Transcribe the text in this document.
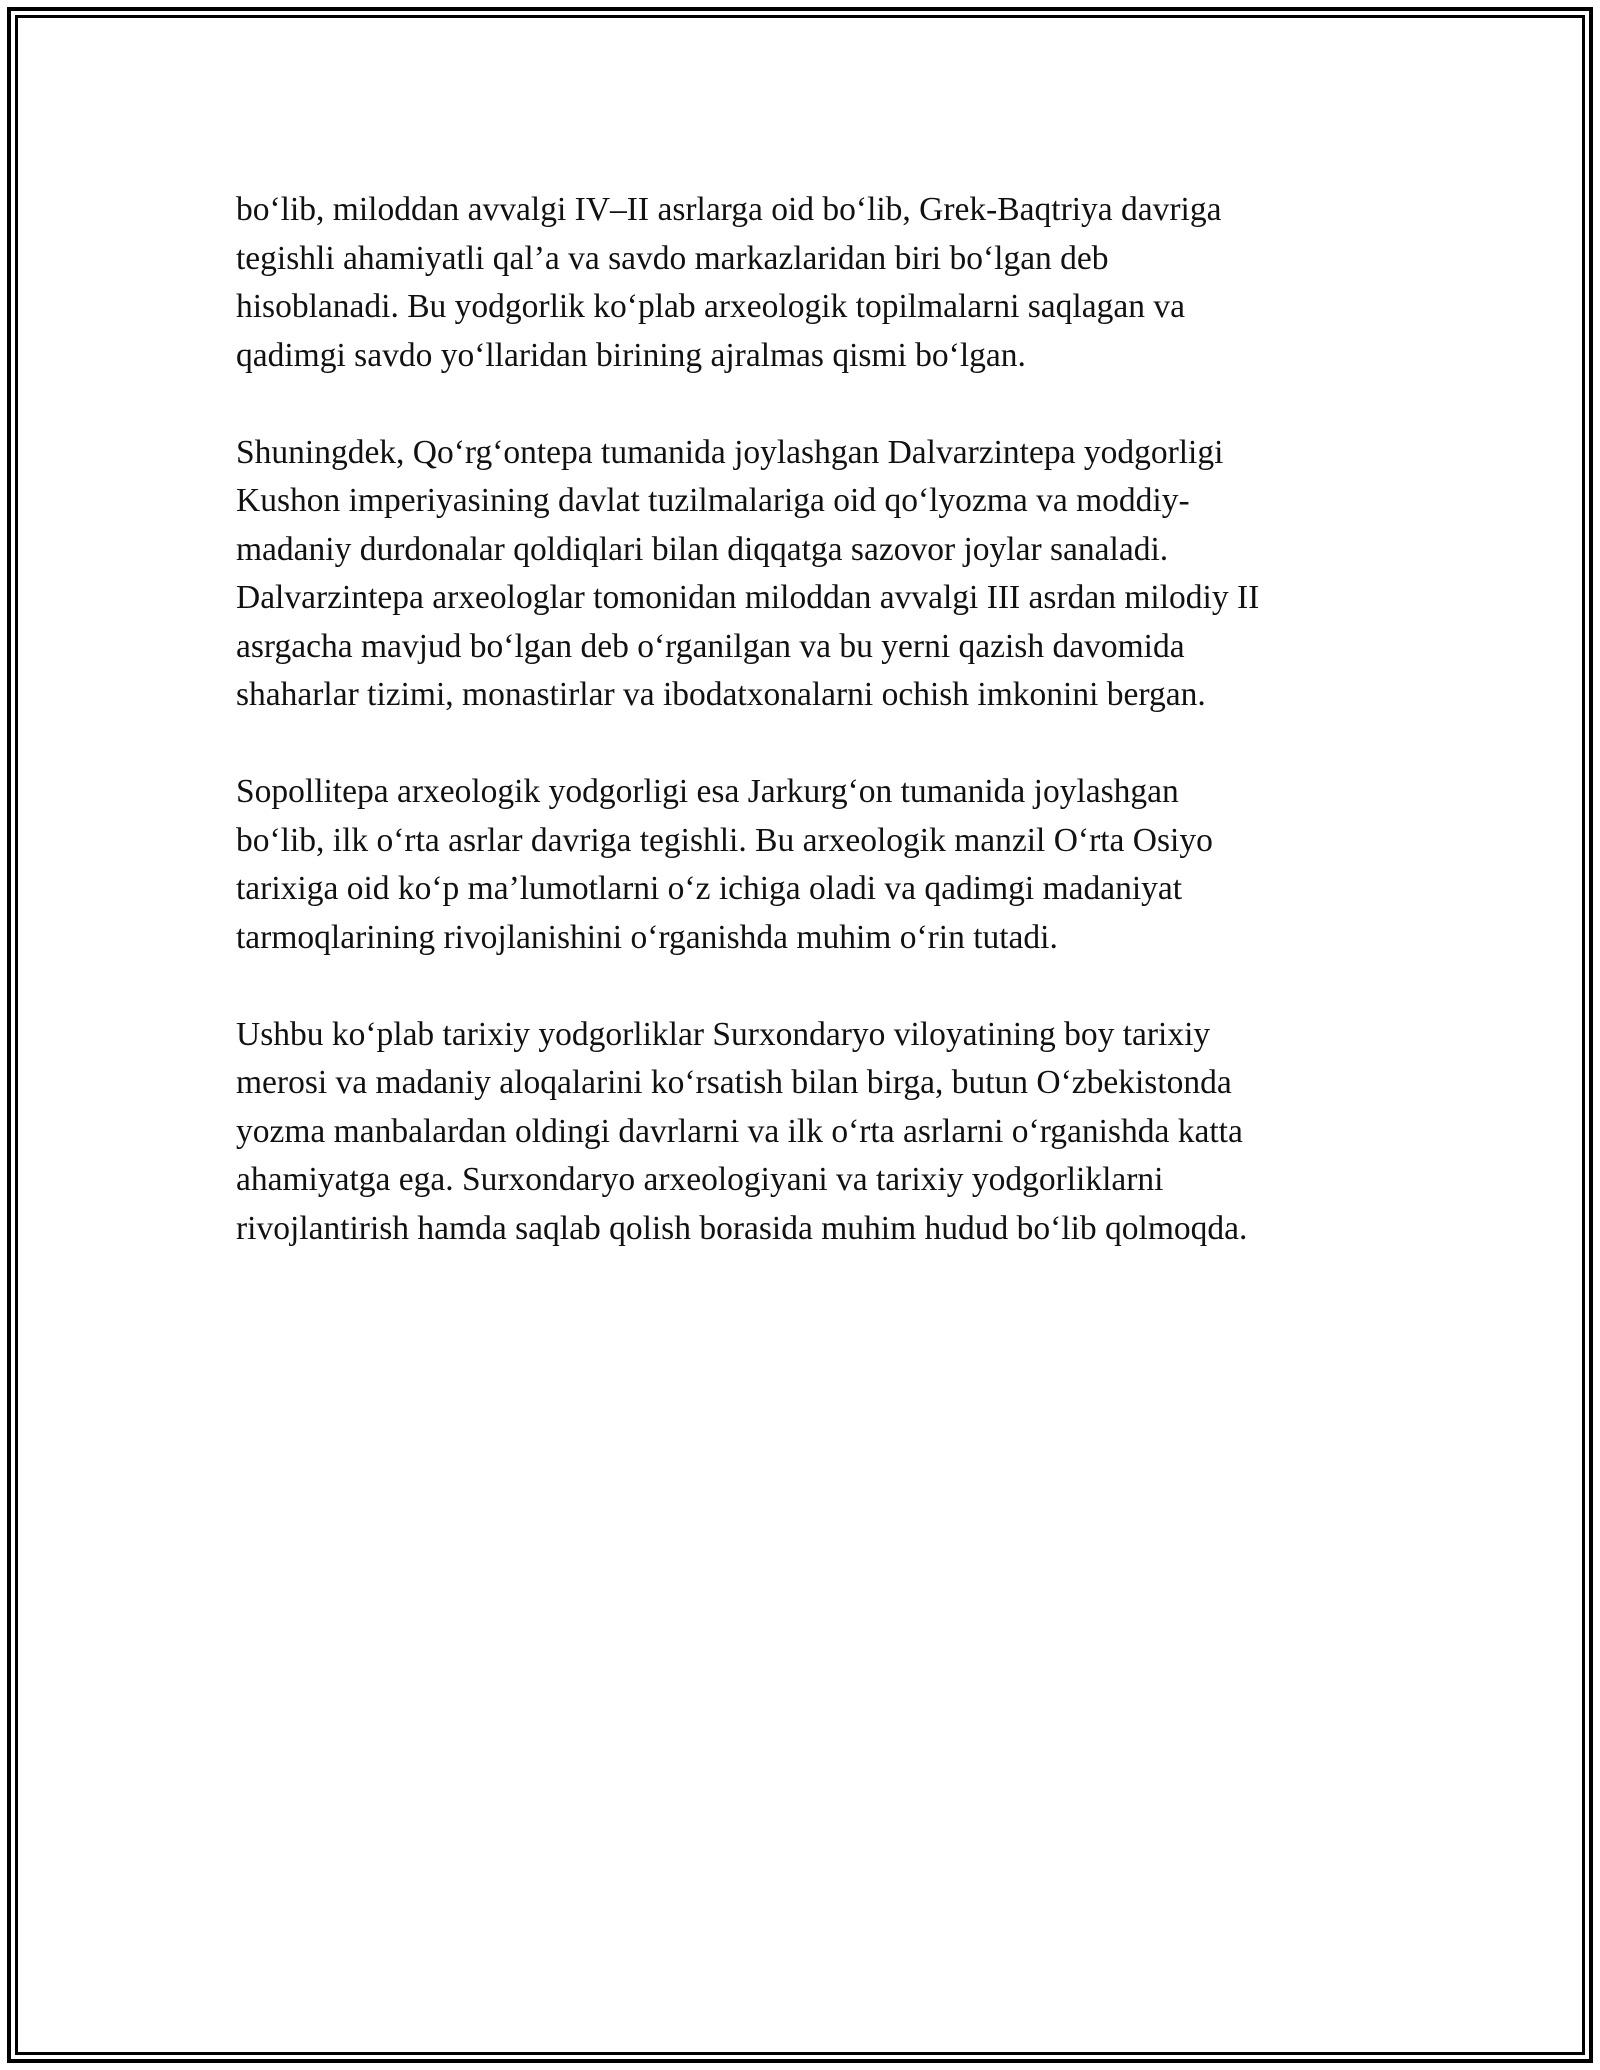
bo‘lib, miloddan avvalgi IV–II asrlarga oid bo‘lib, Grek-Baqtriya davriga
tegishli ahamiyatli qal’a va savdo markazlaridan biri bo‘lgan deb
hisoblanadi. Bu yodgorlik ko‘plab arxeologik topilmalarni saqlagan va
qadimgi savdo yo‘llaridan birining ajralmas qismi bo‘lgan.

Shuningdek, Qo‘rg‘ontepa tumanida joylashgan Dalvarzintepa yodgorligi
Kushon imperiyasining davlat tuzilmalariga oid qo‘lyozma va moddiy-
madaniy durdonalar qoldiqlari bilan diqqatga sazovor joylar sanaladi.
Dalvarzintepa arxeologlar tomonidan miloddan avvalgi III asrdan milodiy II
asrgacha mavjud bo‘lgan deb o‘rganilgan va bu yerni qazish davomida
shaharlar tizimi, monastirlar va ibodatxonalarni ochish imkonini bergan.

Sopollitepa arxeologik yodgorligi esa Jarkurg‘on tumanida joylashgan
bo‘lib, ilk o‘rta asrlar davriga tegishli. Bu arxeologik manzil O‘rta Osiyo
tarixiga oid ko‘p ma’lumotlarni o‘z ichiga oladi va qadimgi madaniyat
tarmoqlarining rivojlanishini o‘rganishda muhim o‘rin tutadi.

Ushbu ko‘plab tarixiy yodgorliklar Surxondaryo viloyatining boy tarixiy
merosi va madaniy aloqalarini ko‘rsatish bilan birga, butun O‘zbekistonda
yozma manbalardan oldingi davrlarni va ilk o‘rta asrlarni o‘rganishda katta
ahamiyatga ega. Surxondaryo arxeologiyani va tarixiy yodgorliklarni
rivojlantirish hamda saqlab qolish borasida muhim hudud bo‘lib qolmoqda.
